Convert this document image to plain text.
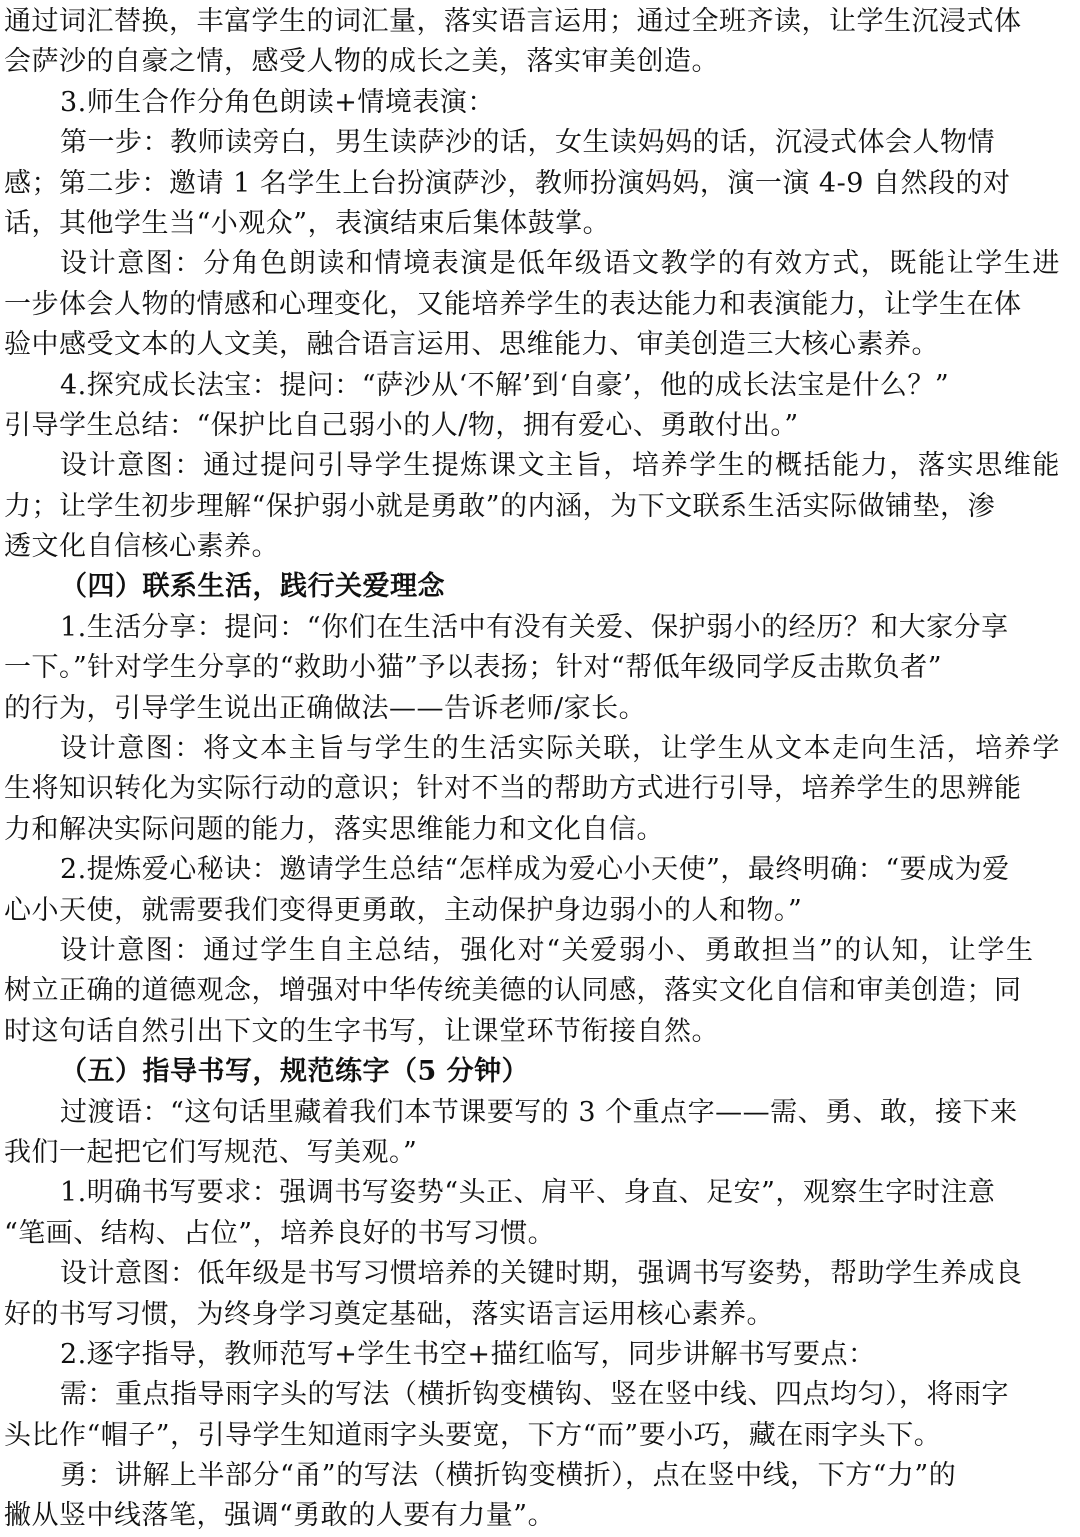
通过词汇替换，丰富学生的词汇量，落实语言运用；通过全班齐读，让学生沉浸式体
会萨沙的自豪之情，感受人物的成长之美，落实审美创造。
3.师生合作分角色朗读+情境表演：
第一步：教师读旁白，男生读萨沙的话，女生读妈妈的话，沉浸式体会人物情
感；第二步：邀请 1 名学生上台扮演萨沙，教师扮演妈妈，演一演 4-9 自然段的对
话，其他学生当“小观众”，表演结束后集体鼓掌。
设计意图：分角色朗读和情境表演是低年级语文教学的有效方式，既能让学生进
一步体会人物的情感和心理变化，又能培养学生的表达能力和表演能力，让学生在体
验中感受文本的人文美，融合语言运用、思维能力、审美创造三大核心素养。
4.探究成长法宝：提问：“萨沙从‘不解’到‘自豪’，他的成长法宝是什么？”
引导学生总结：“保护比自己弱小的人/物，拥有爱心、勇敢付出。”
设计意图：通过提问引导学生提炼课文主旨，培养学生的概括能力，落实思维能
力；让学生初步理解“保护弱小就是勇敢”的内涵，为下文联系生活实际做铺垫，渗
透文化自信核心素养。
（四）联系生活，践行关爱理念
1.生活分享：提问：“你们在生活中有没有关爱、保护弱小的经历？和大家分享
一下。”针对学生分享的“救助小猫”予以表扬；针对“帮低年级同学反击欺负者”
的行为，引导学生说出正确做法——告诉老师/家长。
设计意图：将文本主旨与学生的生活实际关联，让学生从文本走向生活，培养学
生将知识转化为实际行动的意识；针对不当的帮助方式进行引导，培养学生的思辨能
力和解决实际问题的能力，落实思维能力和文化自信。
2.提炼爱心秘诀：邀请学生总结“怎样成为爱心小天使”，最终明确：“要成为爱
心小天使，就需要我们变得更勇敢，主动保护身边弱小的人和物。”
设计意图：通过学生自主总结，强化对“关爱弱小、勇敢担当”的认知，让学生
树立正确的道德观念，增强对中华传统美德的认同感，落实文化自信和审美创造；同
时这句话自然引出下文的生字书写，让课堂环节衔接自然。
（五）指导书写，规范练字（5 分钟）
过渡语：“这句话里藏着我们本节课要写的 3 个重点字——需、勇、敢，接下来
我们一起把它们写规范、写美观。”
1.明确书写要求：强调书写姿势“头正、肩平、身直、足安”，观察生字时注意
“笔画、结构、占位”，培养良好的书写习惯。
设计意图：低年级是书写习惯培养的关键时期，强调书写姿势，帮助学生养成良
好的书写习惯，为终身学习奠定基础，落实语言运用核心素养。
2.逐字指导，教师范写+学生书空+描红临写，同步讲解书写要点：
需：重点指导雨字头的写法（横折钩变横钩、竖在竖中线、四点均匀），将雨字
头比作“帽子”，引导学生知道雨字头要宽，下方“而”要小巧，藏在雨字头下。
勇：讲解上半部分“甬”的写法（横折钩变横折），点在竖中线，下方“力”的
撇从竖中线落笔，强调“勇敢的人要有力量”。
